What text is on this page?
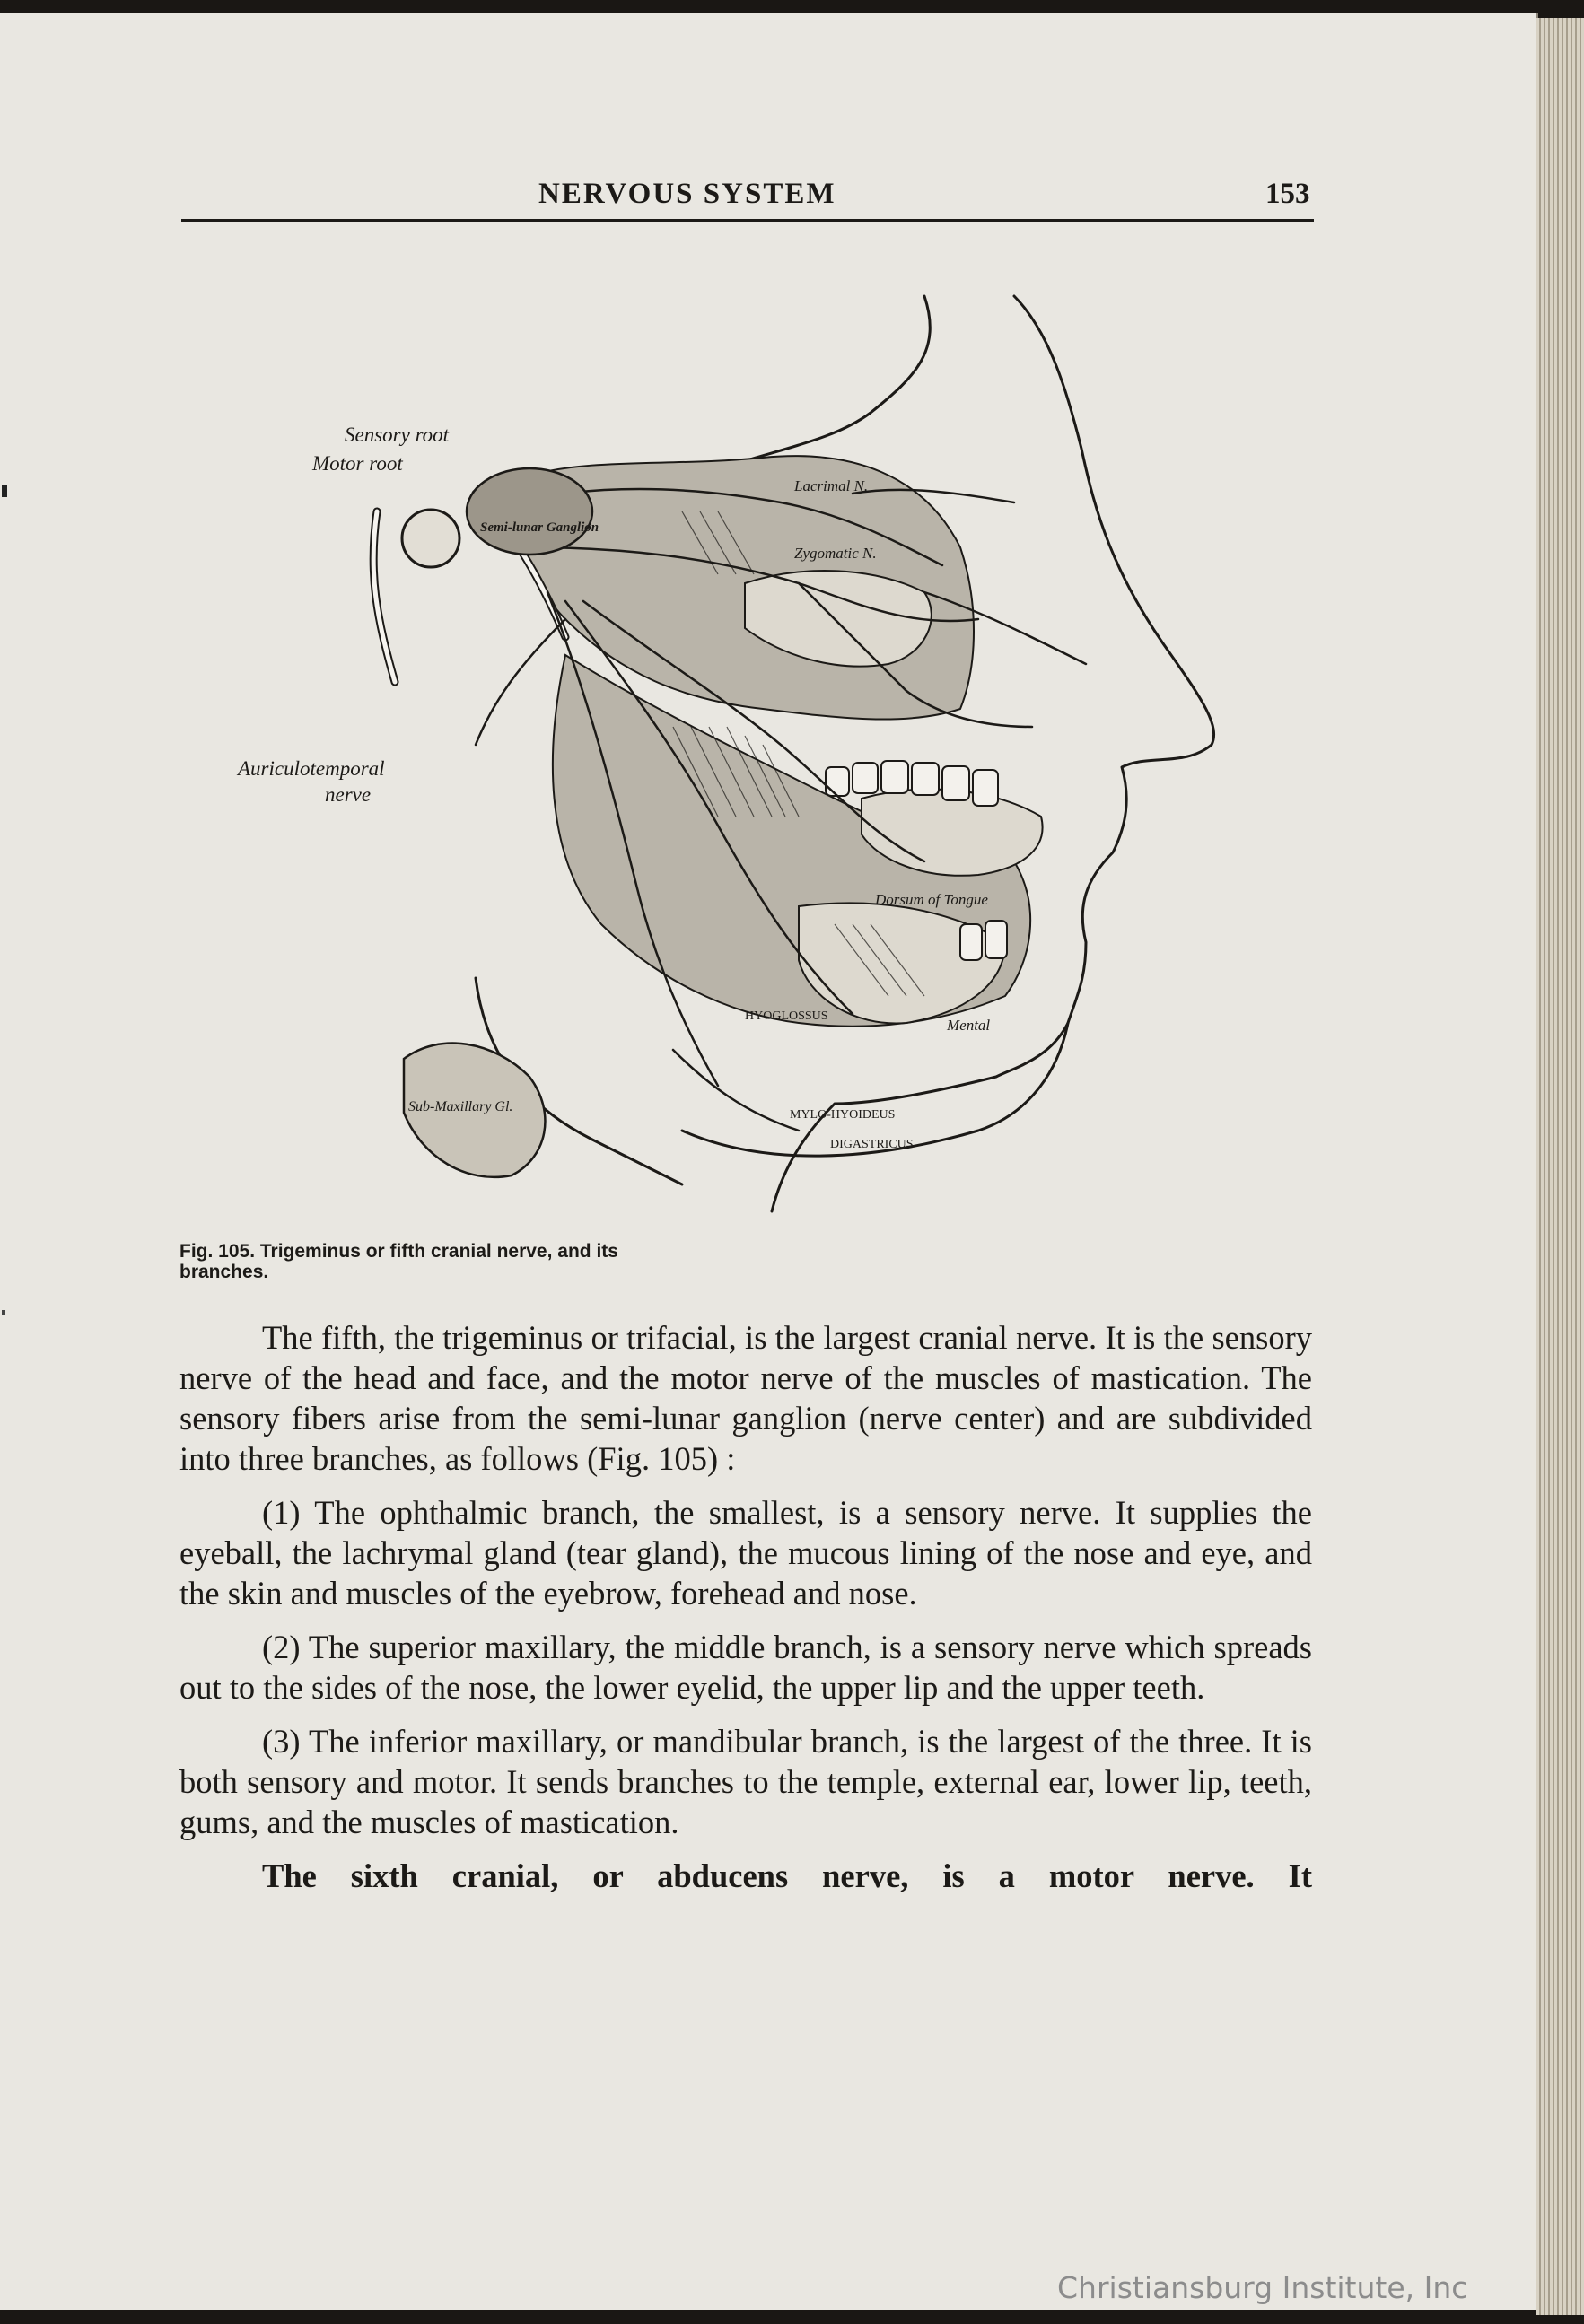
NERVOUS SYSTEM	153
Sensory root
Motor root
Auriculotemporal
nerve
Lacrimal N.
Zygomatic N.
Semi-lunar Ganglion
Dorsum of Tongue
Mental
DIGASTRICUS
MYLO-HYOIDEUS
HYOGLOSSUS
Sub-Maxillary Gl.
Fig. 105. Trigeminus or fifth cranial nerve, and its branches.

The fifth, the trigeminus or trifacial, is the largest cranial nerve. It is the sensory nerve of the head and face, and the motor nerve of the muscles of mastication. The sensory fibers arise from the semi-lunar ganglion (nerve center) and are subdivided into three branches, as follows (Fig. 105) :

(1) The ophthalmic branch, the smallest, is a sensory nerve. It supplies the eyeball, the lachrymal gland (tear gland), the mucous lining of the nose and eye, and the skin and muscles of the eyebrow, forehead and nose.

(2) The superior maxillary, the middle branch, is a sensory nerve which spreads out to the sides of the nose, the lower eyelid, the upper lip and the upper teeth.

(3) The inferior maxillary, or mandibular branch, is the largest of the three. It is both sensory and motor. It sends branches to the temple, external ear, lower lip, teeth, gums, and the muscles of mastication.

The sixth cranial, or abducens nerve, is a motor nerve. It

Christiansburg Institute, Inc
